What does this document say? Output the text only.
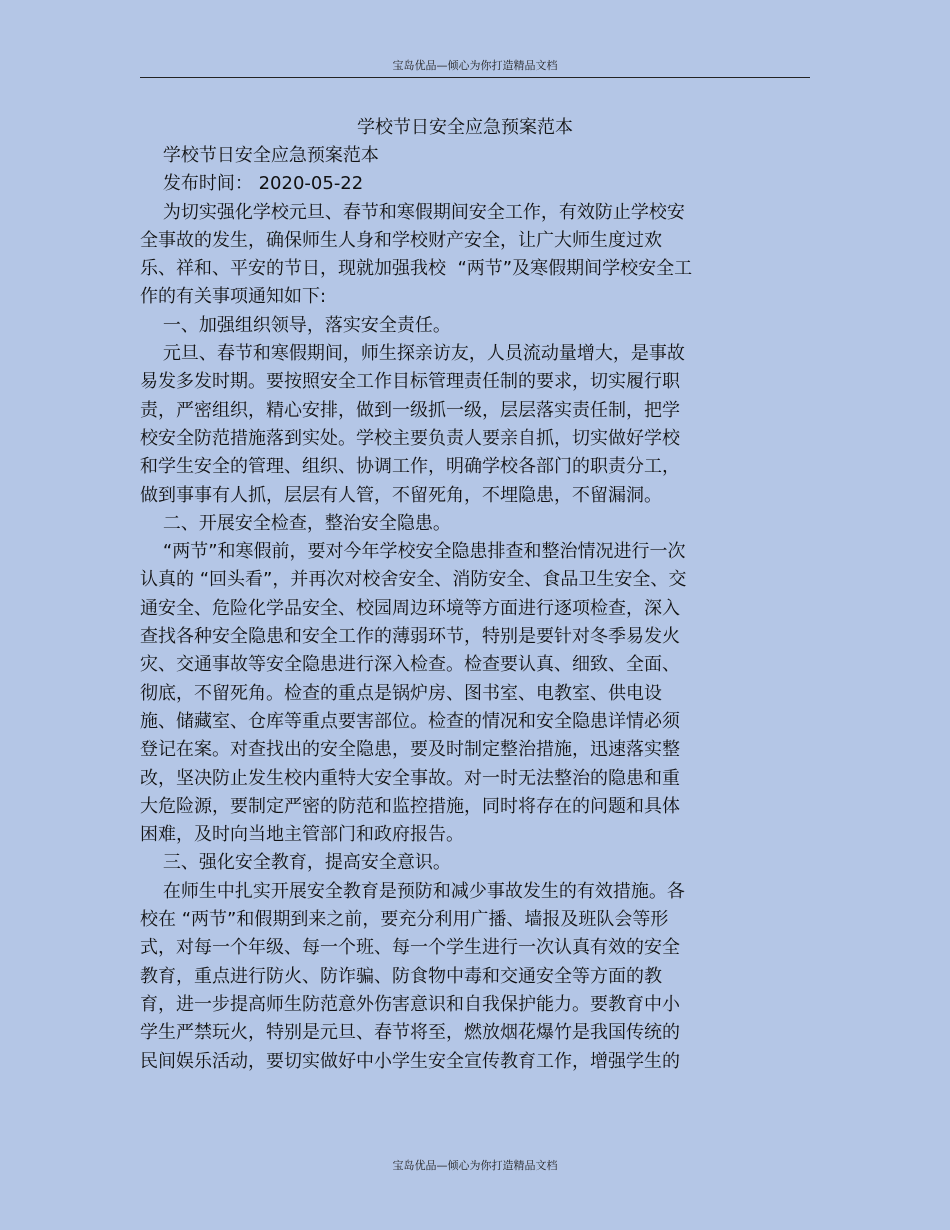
宝岛优品—倾心为你打造精品文档
学校节日安全应急预案范本

学校节日安全应急预案范本

发布时间： 2020-05-22

为切实强化学校元旦、春节和寒假期间安全工作，有效防止学校安

全事故的发生，确保师生人身和学校财产安全，让广大师生度过欢

乐、祥和、平安的节日，现就加强我校  “两节”及寒假期间学校安全工

作的有关事项通知如下:

一、加强组织领导，落实安全责任。

元旦、春节和寒假期间，师生探亲访友，人员流动量增大，是事故

易发多发时期。要按照安全工作目标管理责任制的要求，切实履行职

责，严密组织，精心安排，做到一级抓一级，层层落实责任制，把学

校安全防范措施落到实处。学校主要负责人要亲自抓，切实做好学校

和学生安全的管理、组织、协调工作，明确学校各部门的职责分工，

做到事事有人抓，层层有人管，不留死角，不埋隐患，不留漏洞。

二、开展安全检查，整治安全隐患。

“两节”和寒假前，要对今年学校安全隐患排查和整治情况进行一次

认真的 “回头看”，并再次对校舍安全、消防安全、食品卫生安全、交

通安全、危险化学品安全、校园周边环境等方面进行逐项检查，深入

查找各种安全隐患和安全工作的薄弱环节，特别是要针对冬季易发火

灾、交通事故等安全隐患进行深入检查。检查要认真、细致、全面、

彻底，不留死角。检查的重点是锅炉房、图书室、电教室、供电设

施、储藏室、仓库等重点要害部位。检查的情况和安全隐患详情必须

登记在案。对查找出的安全隐患，要及时制定整治措施，迅速落实整

改，坚决防止发生校内重特大安全事故。对一时无法整治的隐患和重

大危险源，要制定严密的防范和监控措施，同时将存在的问题和具体

困难，及时向当地主管部门和政府报告。

三、强化安全教育，提高安全意识。

在师生中扎实开展安全教育是预防和减少事故发生的有效措施。各

校在 “两节”和假期到来之前，要充分利用广播、墙报及班队会等形

式，对每一个年级、每一个班、每一个学生进行一次认真有效的安全

教育，重点进行防火、防诈骗、防食物中毒和交通安全等方面的教

育，进一步提高师生防范意外伤害意识和自我保护能力。要教育中小

学生严禁玩火，特别是元旦、春节将至，燃放烟花爆竹是我国传统的

民间娱乐活动，要切实做好中小学生安全宣传教育工作，增强学生的

宝岛优品—倾心为你打造精品文档
